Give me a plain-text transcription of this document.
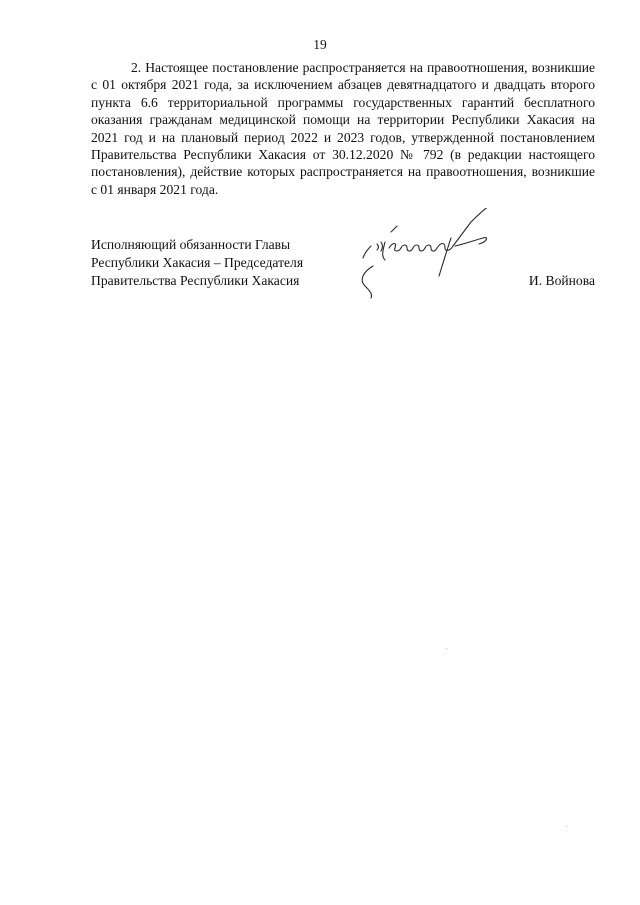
19

2. Настоящее постановление распространяется на правоотношения, возникшие с 01 октября 2021 года, за исключением абзацев девятнадцатого и двадцать второго пункта 6.6 территориальной программы государственных гарантий бесплатного оказания гражданам медицинской помощи на территории Республики Хакасия на 2021 год и на плановый период 2022 и 2023 годов, утвержденной постановлением Правительства Республики Хакасия от 30.12.2020 № 792 (в редакции настоящего постановления), действие которых распространяется на правоотношения, возникшие с 01 января 2021 года.

Исполняющий обязанности Главы
Республики Хакасия – Председателя
Правительства Республики Хакасия	И. Войнова
